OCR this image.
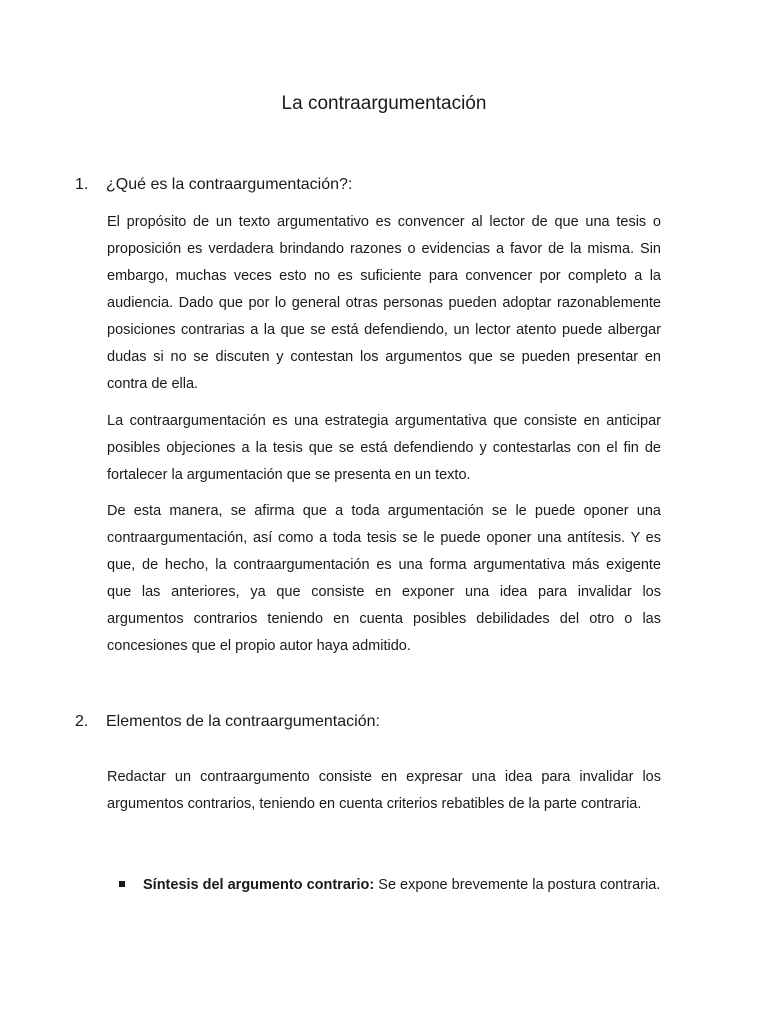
La contraargumentación
1. ¿Qué es la contraargumentación?:

El propósito de un texto argumentativo es convencer al lector de que una tesis o proposición es verdadera brindando razones o evidencias a favor de la misma. Sin embargo, muchas veces esto no es suficiente para convencer por completo a la audiencia. Dado que por lo general otras personas pueden adoptar razonablemente posiciones contrarias a la que se está defendiendo, un lector atento puede albergar dudas si no se discuten y contestan los argumentos que se pueden presentar en contra de ella.

La contraargumentación es una estrategia argumentativa que consiste en anticipar posibles objeciones a la tesis que se está defendiendo y contestarlas con el fin de fortalecer la argumentación que se presenta en un texto.

De esta manera, se afirma que a toda argumentación se le puede oponer una contraargumentación, así como a toda tesis se le puede oponer una antítesis. Y es que, de hecho, la contraargumentación es una forma argumentativa más exigente que las anteriores, ya que consiste en exponer una idea para invalidar los argumentos contrarios teniendo en cuenta posibles debilidades del otro o las concesiones que el propio autor haya admitido.

2. Elementos de la contraargumentación:

Redactar un contraargumento consiste en expresar una idea para invalidar los argumentos contrarios, teniendo en cuenta criterios rebatibles de la parte contraria.

Síntesis del argumento contrario: Se expone brevemente la postura contraria.
